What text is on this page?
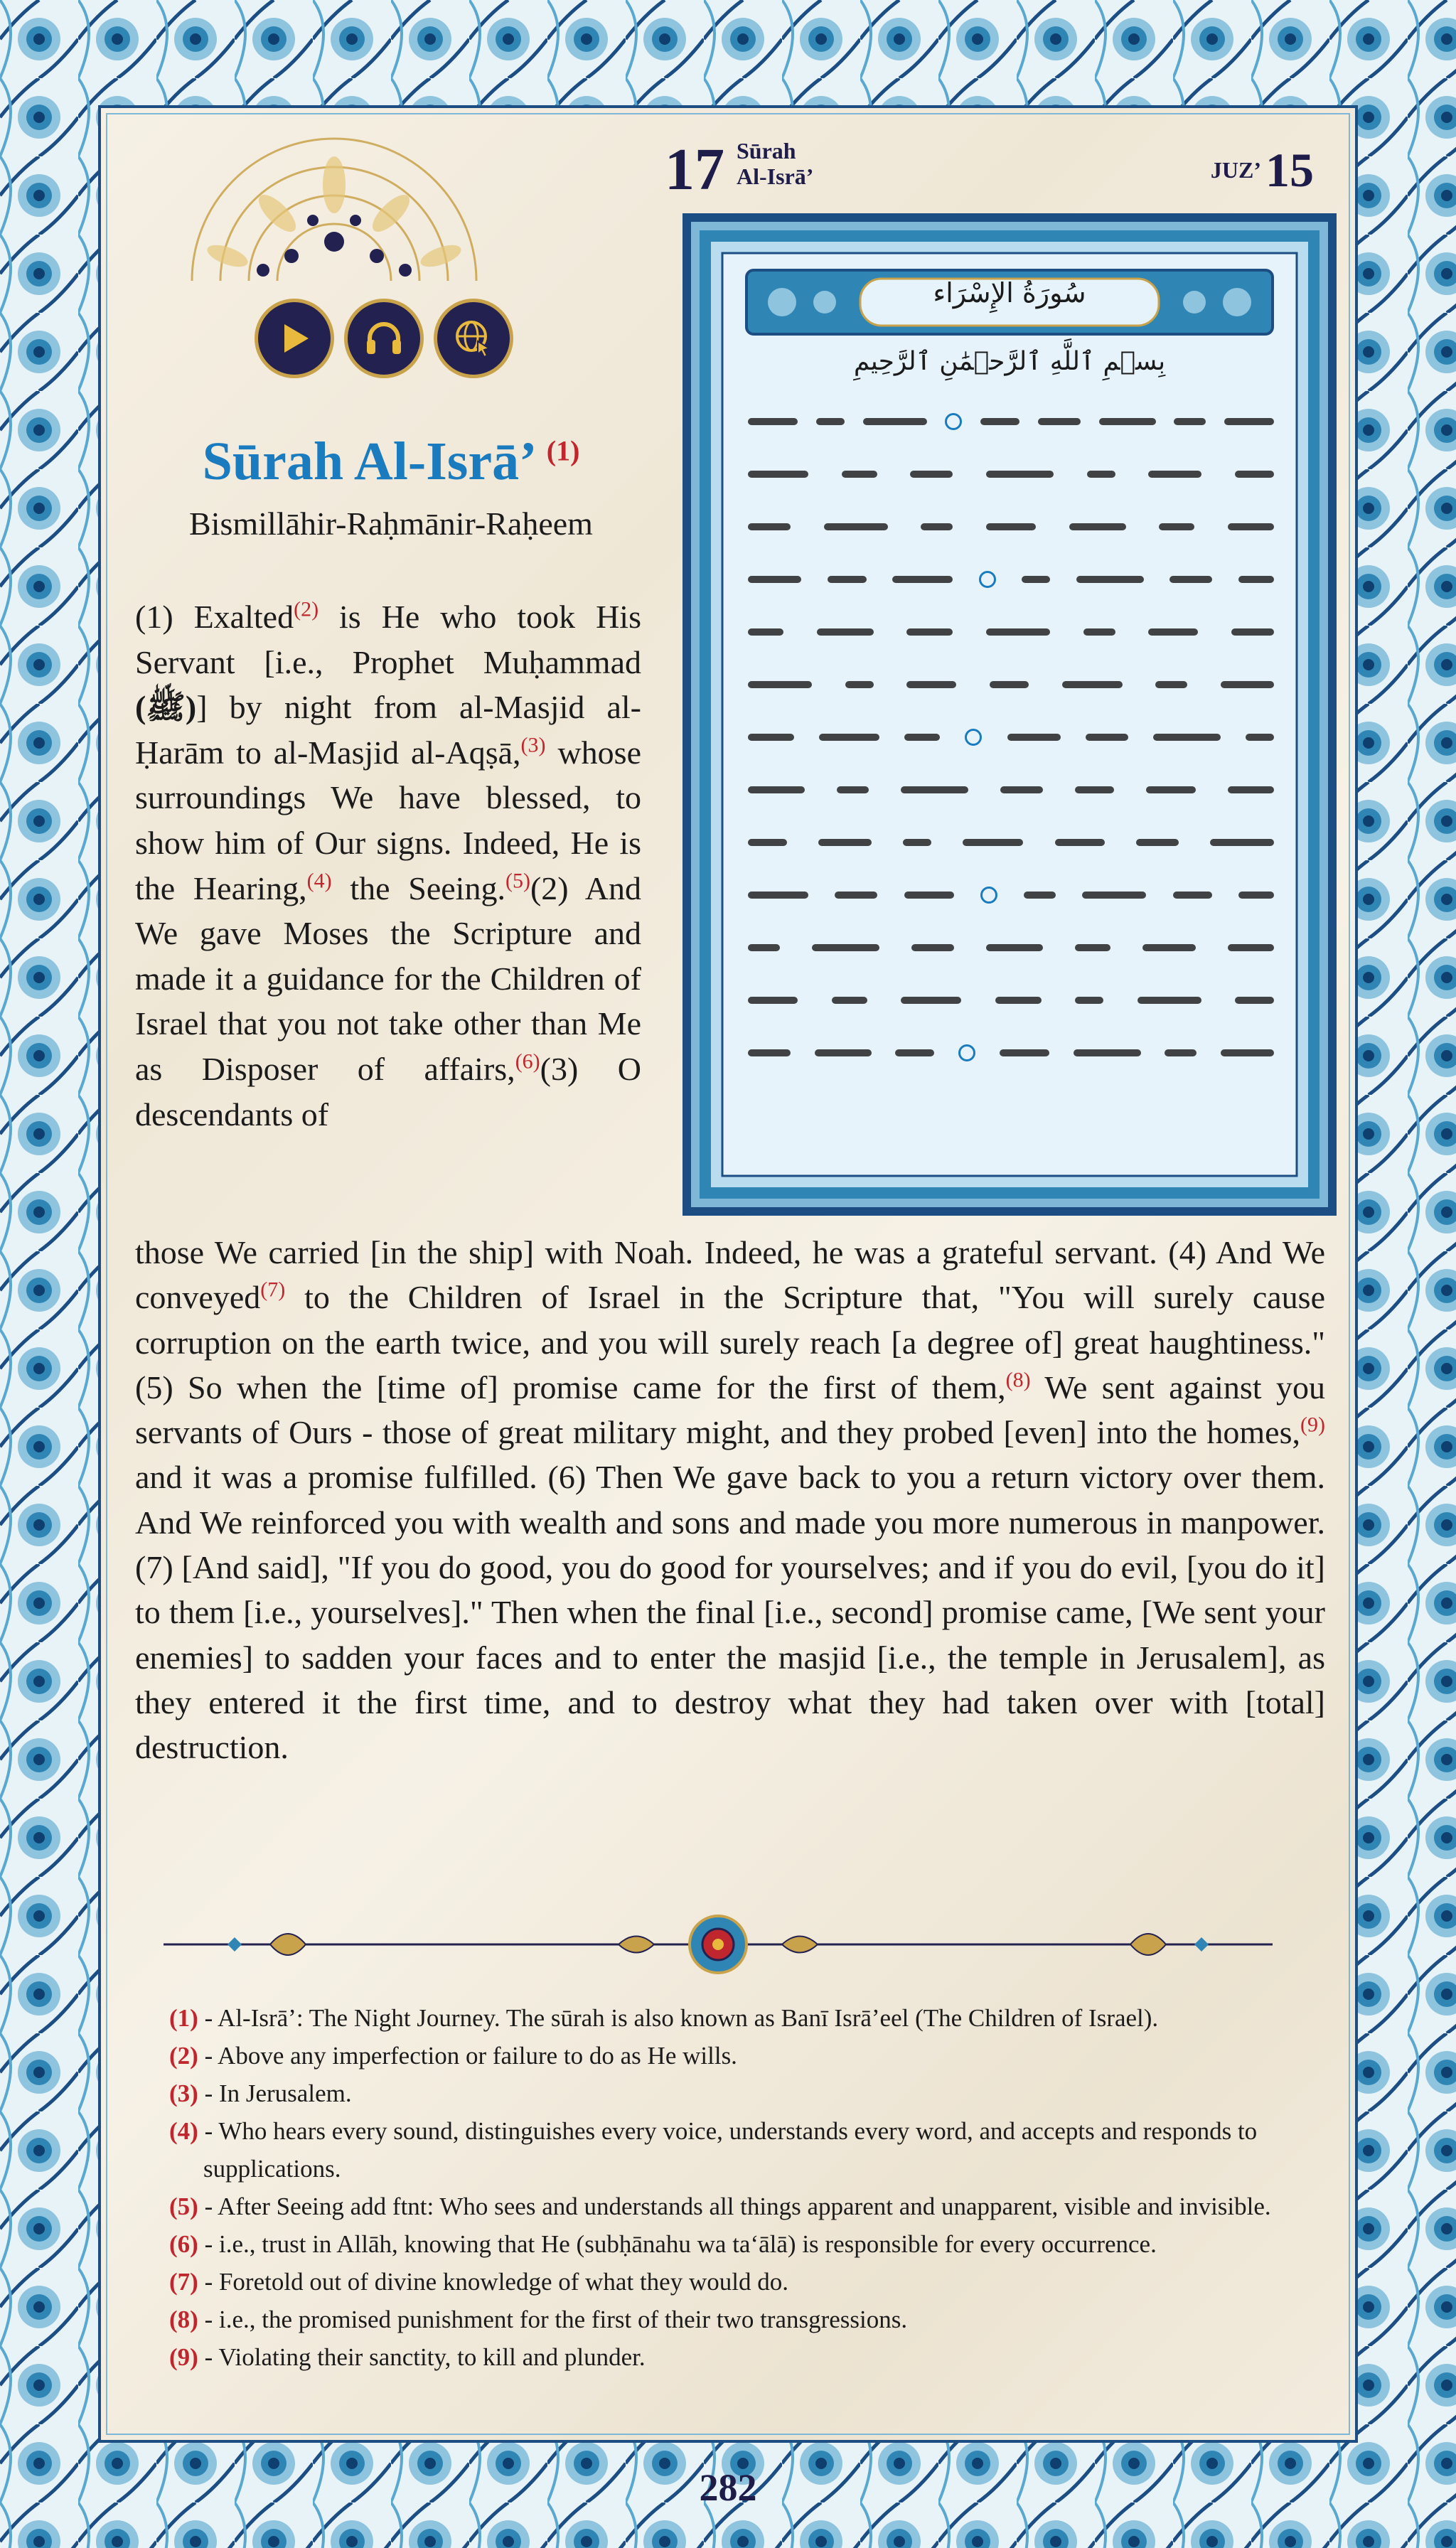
17 Sūrah
Al-Isrā’	JUZ’15
Sūrah Al-Isrā’ $^{(1)}$
Bismillāhir-Raḥmānir-Raḥeem
(1) Exalted$^{(2)}$ is He who took His Servant [i.e., Prophet Muḥammad (ﷺ)] by night from al-Masjid al-Ḥarām to al-Masjid al-Aqṣā,$^{(3)}$ whose surroundings We have blessed, to show him of Our signs. Indeed, He is the Hearing,$^{(4)}$ the Seeing.$^{(5)}$(2) And We gave Moses the Scripture and made it a guidance for the Children of Israel that you not take other than Me as Disposer of affairs,$^{(6)}$(3) O descendants of
سُورَةُ الإِسْرَاء
بِسۡمِ ٱللَّهِ ٱلرَّحۡمَٰنِ ٱلرَّحِيمِ
those We carried [in the ship] with Noah. Indeed, he was a grateful servant. (4) And We conveyed$^{(7)}$ to the Children of Israel in the Scripture that, "You will surely cause corruption on the earth twice, and you will surely reach [a degree of] great haughtiness." (5) So when the [time of] promise came for the first of them,$^{(8)}$ We sent against you servants of Ours - those of great military might, and they probed [even] into the homes,$^{(9)}$ and it was a promise fulfilled. (6) Then We gave back to you a return victory over them. And We reinforced you with wealth and sons and made you more numerous in manpower. (7) [And said], "If you do good, you do good for yourselves; and if you do evil, [you do it] to them [i.e., yourselves]." Then when the final [i.e., second] promise came, [We sent your enemies] to sadden your faces and to enter the masjid [i.e., the temple in Jerusalem], as they entered it the first time, and to destroy what they had taken over with [total] destruction.
(1) - Al-Isrā’: The Night Journey. The sūrah is also known as Banī Isrā’eel (The Children of Israel).
(2) - Above any imperfection or failure to do as He wills.
(3) - In Jerusalem.
(4) - Who hears every sound, distinguishes every voice, understands every word, and accepts and responds to supplications.
(5) - After Seeing add ftnt: Who sees and understands all things apparent and unapparent, visible and invisible.
(6) - i.e., trust in Allāh, knowing that He (subḥānahu wa ta‘ālā) is responsible for every occurrence.
(7) - Foretold out of divine knowledge of what they would do.
(8) - i.e., the promised punishment for the first of their two transgressions.
(9) - Violating their sanctity, to kill and plunder.
282
